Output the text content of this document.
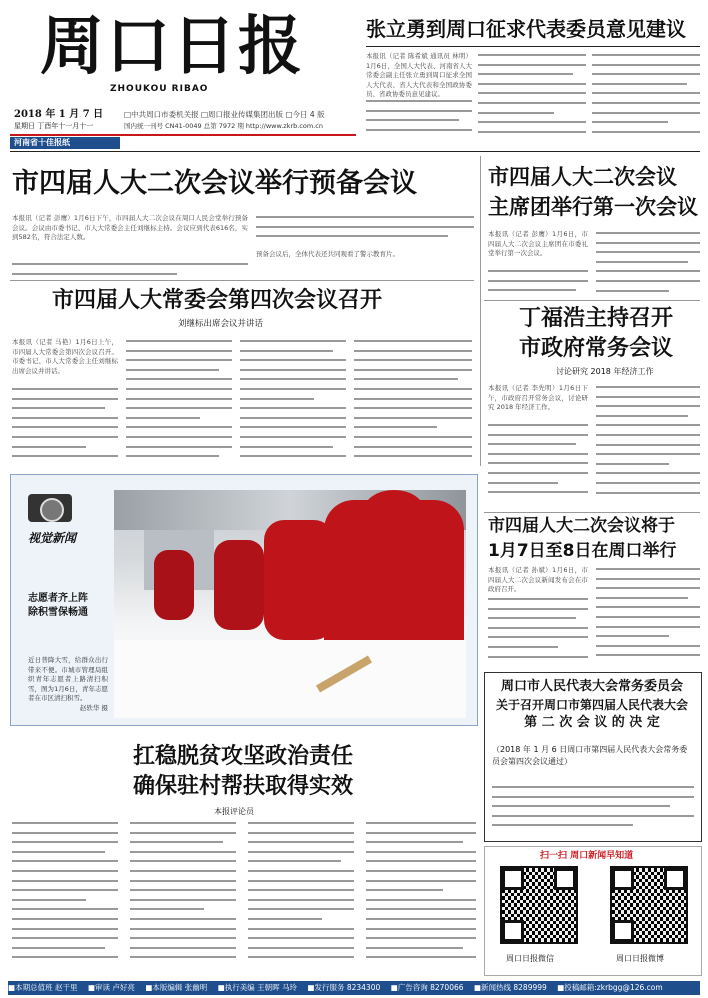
周口日报
ZHOUKOU RIBAO
2018 年 1 月 7 日
星期日 丁酉年十一月十一
□中共周口市委机关报 □周口报业传媒集团出版 □今日 4 版
国内统一刊号 CN41-0049 总第 7972 期 http://www.zkrb.com.cn
河南省十佳报纸
张立勇到周口征求代表委员意见建议
本报讯（记者 陈希斌 通讯员 林明）1月6日，全国人大代表、河南省人大常委会副主任张立勇到周口征求全国人大代表、省人大代表和全国政协委员、省政协委员意见建议。
市四届人大二次会议举行预备会议
本报讯（记者 彭鹰）1月6日下午，市四届人大二次会议在周口人民会堂举行预备会议。会议由市委书记、市人大常委会主任刘继标主持。会议应到代表616名，实到582名，符合法定人数。
预备会议后，全体代表还共同观看了警示教育片。
市四届人大二次会议
主席团举行第一次会议
本报讯（记者 彭鹰）1月6日，市四届人大二次会议主席团在市委礼堂举行第一次会议。
市四届人大常委会第四次会议召开
刘继标出席会议并讲话
本报讯（记者 马艳）1月6日上午，市四届人大常委会第四次会议召开。市委书记、市人大常委会主任刘继标出席会议并讲话。
丁福浩主持召开
市政府常务会议
讨论研究 2018 年经济工作
本报讯（记者 李先明）1月6日下午，市政府召开常务会议，讨论研究 2018 年经济工作。
视觉新闻
志愿者齐上阵
除积雪保畅通
近日普降大雪，给群众出行带来不便。市城市管理局组织青年志愿者上路清扫积雪，图为1月6日，青年志愿者在市区清扫积雪。
赵轶华 摄
市四届人大二次会议将于
1月7日至8日在周口举行
本报讯（记者 孙斌）1月6日，市四届人大二次会议新闻发布会在市政府召开。
周口市人民代表大会常务委员会
关于召开周口市第四届人民代表大会
第 二 次 会 议 的 决 定
（2018 年 1 月 6 日周口市第四届人民代表大会常务委员会第四次会议通过）
扛稳脱贫攻坚政治责任
确保驻村帮扶取得实效
本报评论员
扫一扫 周口新闻早知道
周口日报微信	周口日报微博
■本期总值班 赵干里 ■审读 卢好亮 ■本版编辑 张幽明 ■执行美编 王朝晖 马玲 ■发行服务 8234300 ■广告咨询 8270066 ■新闻热线 8289999 ■投稿邮箱:zkrbgg@126.com
